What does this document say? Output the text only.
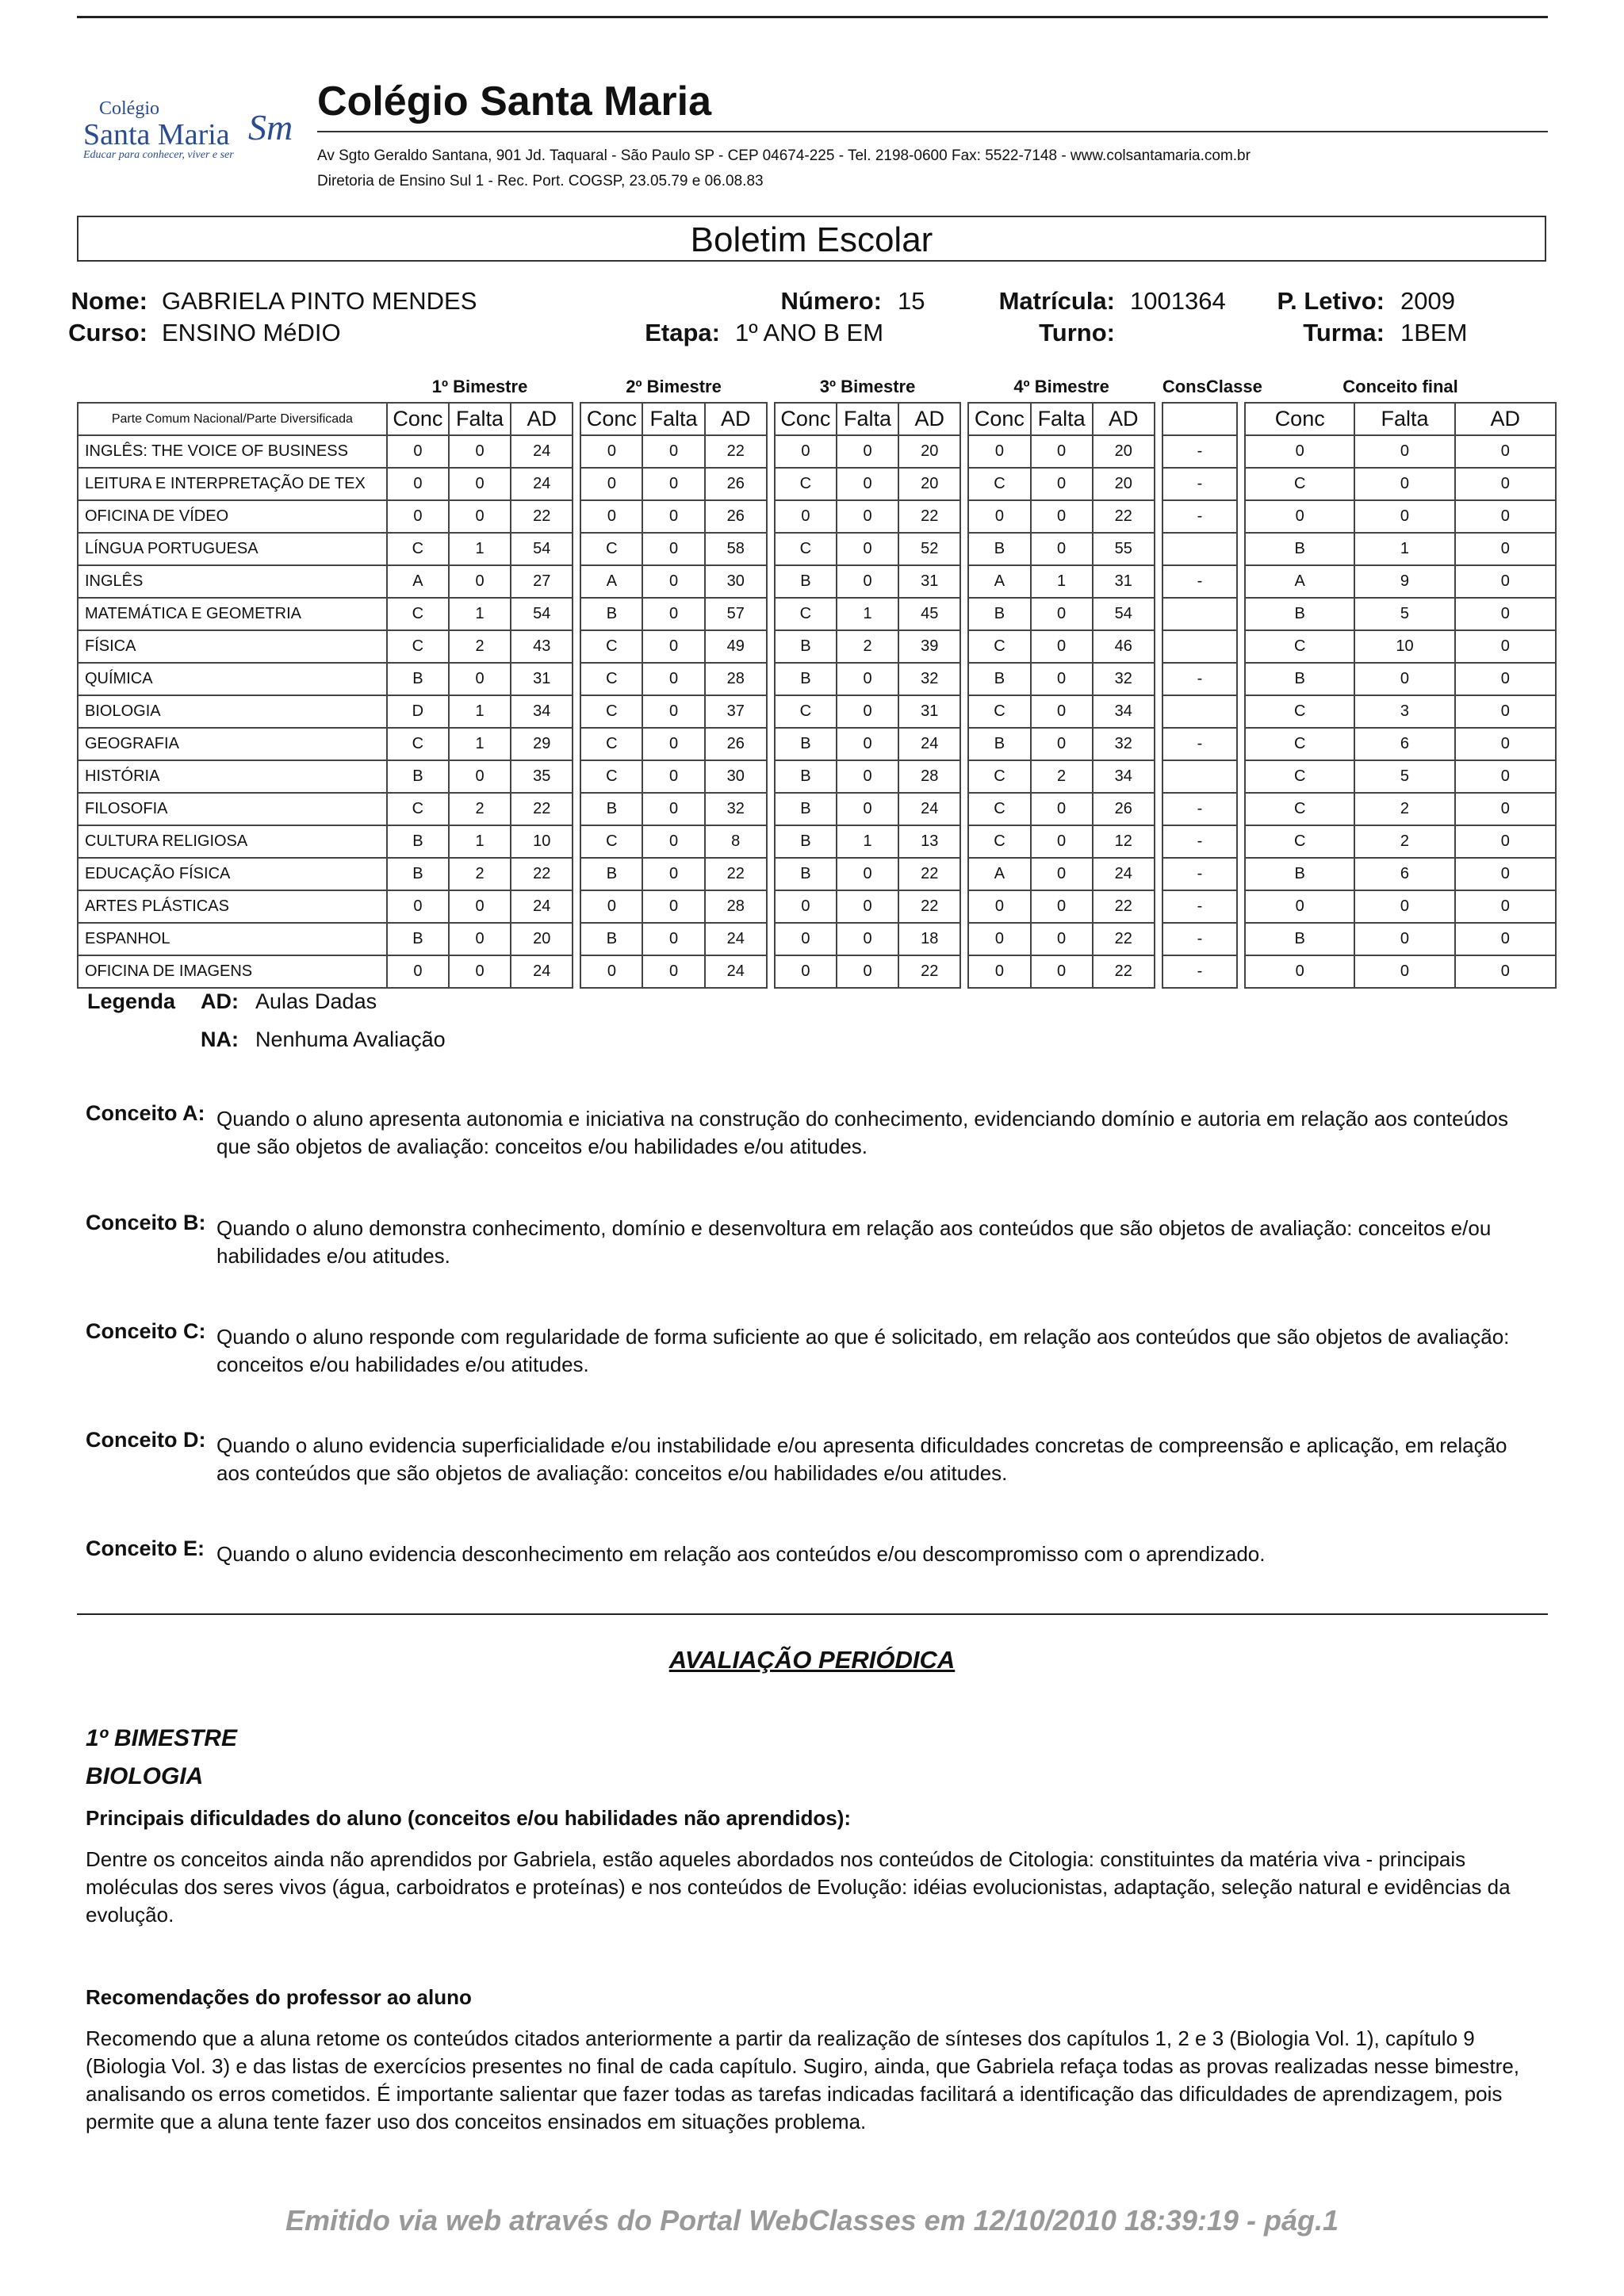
Colégio
Santa Maria Sm
Educar para conhecer, viver e ser
Colégio Santa Maria
Av Sgto Geraldo Santana, 901 Jd. Taquaral - São Paulo SP - CEP 04674-225 - Tel. 2198-0600 Fax: 5522-7148 - www.colsantamaria.com.br
Diretoria de Ensino Sul 1 - Rec. Port. COGSP, 23.05.79 e 06.08.83
Boletim Escolar
Nome: GABRIELA PINTO MENDES	Número: 15	Matrícula: 1001364	P. Letivo: 2009
Curso: ENSINO MéDIO	Etapa: 1º ANO B EM	Turno:	Turma: 1BEM
	1º Bimestre				2º Bimestre				3º Bimestre				4º Bimestre				ConsClasse		Conceito final		
Parte Comum Nacional/Parte Diversificada	Conc	Falta	AD		Conc	Falta	AD		Conc	Falta	AD		Conc	Falta	AD				Conc	Falta	AD
INGLÊS: THE VOICE OF BUSINESS	0	0	24		0	0	22		0	0	20		0	0	20		-		0	0	0
LEITURA E INTERPRETAÇÃO DE TEX	0	0	24		0	0	26		C	0	20		C	0	20		-		C	0	0
OFICINA DE VÍDEO	0	0	22		0	0	26		0	0	22		0	0	22		-		0	0	0
LÍNGUA PORTUGUESA	C	1	54		C	0	58		C	0	52		B	0	55				B	1	0
INGLÊS	A	0	27		A	0	30		B	0	31		A	1	31		-		A	9	0
MATEMÁTICA E GEOMETRIA	C	1	54		B	0	57		C	1	45		B	0	54				B	5	0
FÍSICA	C	2	43		C	0	49		B	2	39		C	0	46				C	10	0
QUÍMICA	B	0	31		C	0	28		B	0	32		B	0	32		-		B	0	0
BIOLOGIA	D	1	34		C	0	37		C	0	31		C	0	34				C	3	0
GEOGRAFIA	C	1	29		C	0	26		B	0	24		B	0	32		-		C	6	0
HISTÓRIA	B	0	35		C	0	30		B	0	28		C	2	34				C	5	0
FILOSOFIA	C	2	22		B	0	32		B	0	24		C	0	26		-		C	2	0
CULTURA RELIGIOSA	B	1	10		C	0	8		B	1	13		C	0	12		-		C	2	0
EDUCAÇÃO FÍSICA	B	2	22		B	0	22		B	0	22		A	0	24		-		B	6	0
ARTES PLÁSTICAS	0	0	24		0	0	28		0	0	22		0	0	22		-		0	0	0
ESPANHOL	B	0	20		B	0	24		0	0	18		0	0	22		-		B	0	0
OFICINA DE IMAGENS	0	0	24		0	0	24		0	0	22		0	0	22		-		0	0	0
Legenda AD: Aulas Dadas
NA: Nenhuma Avaliação
Conceito A: Quando o aluno apresenta autonomia e iniciativa na construção do conhecimento, evidenciando domínio e autoria em relação aos conteúdos que são objetos de avaliação: conceitos e/ou habilidades e/ou atitudes.
Conceito B: Quando o aluno demonstra conhecimento, domínio e desenvoltura em relação aos conteúdos que são objetos de avaliação: conceitos e/ou habilidades e/ou atitudes.
Conceito C: Quando o aluno responde com regularidade de forma suficiente ao que é solicitado, em relação aos conteúdos que são objetos de avaliação: conceitos e/ou habilidades e/ou atitudes.
Conceito D: Quando o aluno evidencia superficialidade e/ou instabilidade e/ou apresenta dificuldades concretas de compreensão e aplicação, em relação aos conteúdos que são objetos de avaliação: conceitos e/ou habilidades e/ou atitudes.
Conceito E: Quando o aluno evidencia desconhecimento em relação aos conteúdos e/ou descompromisso com o aprendizado.
AVALIAÇÃO PERIÓDICA
1º BIMESTRE
BIOLOGIA
Principais dificuldades do aluno (conceitos e/ou habilidades não aprendidos):
Dentre os conceitos ainda não aprendidos por Gabriela, estão aqueles abordados nos conteúdos de Citologia: constituintes da matéria viva - principais moléculas dos seres vivos (água, carboidratos e proteínas) e nos conteúdos de Evolução: idéias evolucionistas, adaptação, seleção natural e evidências da evolução.
Recomendações do professor ao aluno
Recomendo que a aluna retome os conteúdos citados anteriormente a partir da realização de sínteses dos capítulos 1, 2 e 3 (Biologia Vol. 1), capítulo 9 (Biologia Vol. 3) e das listas de exercícios presentes no final de cada capítulo. Sugiro, ainda, que Gabriela refaça todas as provas realizadas nesse bimestre, analisando os erros cometidos. É importante salientar que fazer todas as tarefas indicadas facilitará a identificação das dificuldades de aprendizagem, pois permite que a aluna tente fazer uso dos conceitos ensinados em situações problema.
Emitido via web através do Portal WebClasses em 12/10/2010 18:39:19 - pág.1
